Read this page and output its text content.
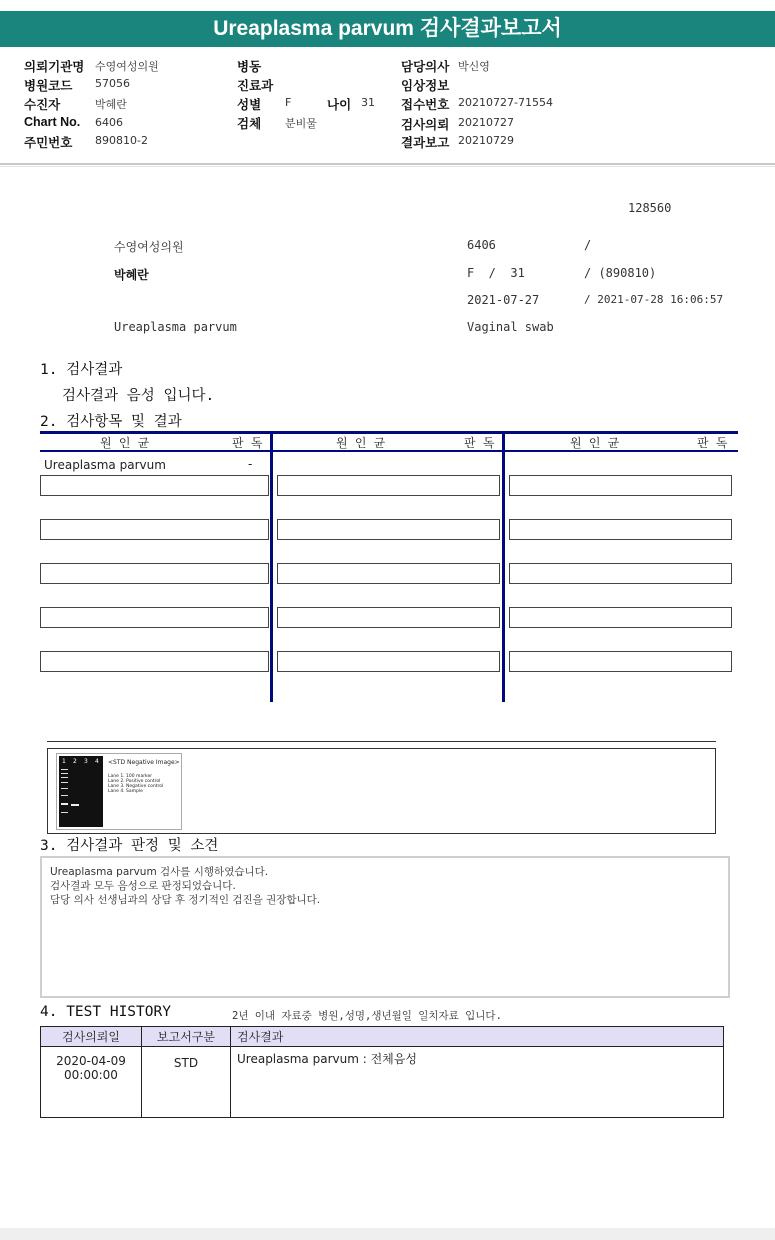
Ureaplasma parvum 검사결과보고서
의뢰기관명 수영여성의원
병원코드 57056
수진자	박혜란
Chart No. 6406
주민번호 890810-2
병동
진료과
성별 F	나이 31
검체 분비물
담당의사 박신영
임상정보
접수번호 20210727-71554
검사의뢰 20210727
결과보고 20210729
128560
수영여성의원	6406	/
박혜란	F  /  31	/ (890810)
2021-07-27	/ 2021-07-28 16:06:57
Ureaplasma parvum	Vaginal swab
1. 검사결과
검사결과 음성 입니다.
2. 검사항목 및 결과
원 인 균	판 독	원 인 균	판 독	원 인 균	판 독
Ureaplasma parvum	-
1 2 3 4 <STD Negative Image>
Lane 1. 100 marker
Lane 2. Positive control
Lane 3. Negative control
Lane 4. Sample
3. 검사결과 판정 및 소견
Ureaplasma parvum 검사를 시행하였습니다.
검사결과 모두 음성으로 판정되었습니다.
담당 의사 선생님과의 상담 후 정기적인 검진을 권장합니다.
4. TEST HISTORY	2년 이내 자료중 병원,성명,생년월일 일치자료 입니다.
검사의뢰일	보고서구분	검사결과

2020-04-09
00:00:00	STD	Ureaplasma parvum : 전체음성
